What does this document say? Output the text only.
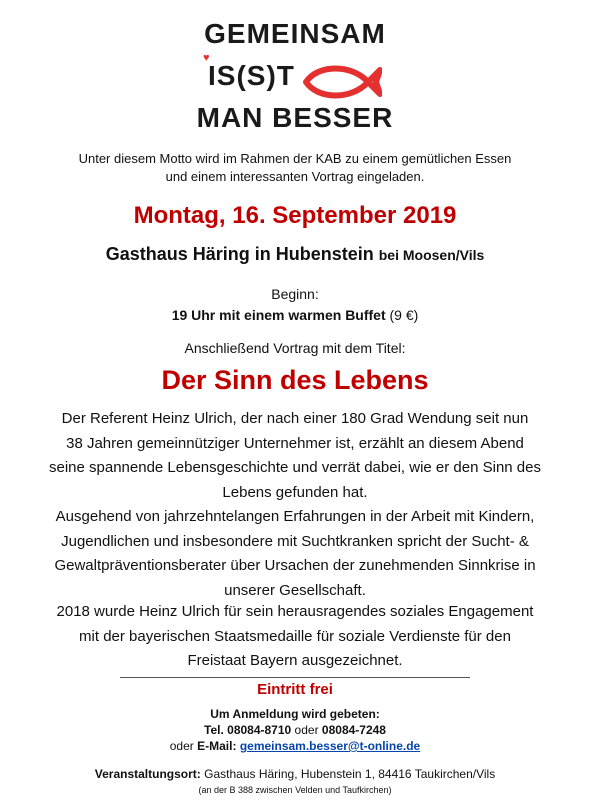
GEMEINSAM
♥
IS(S)T
MAN BESSER
Unter diesem Motto wird im Rahmen der KAB zu einem gemütlichen Essen
und einem interessanten Vortrag eingeladen.
Montag, 16. September 2019
Gasthaus Häring in Hubenstein bei Moosen/Vils
Beginn:
19 Uhr mit einem warmen Buffet (9 €)
Anschließend Vortrag mit dem Titel:
Der Sinn des Lebens
Der Referent Heinz Ulrich, der nach einer 180 Grad Wendung seit nun
38 Jahren gemeinnütziger Unternehmer ist, erzählt an diesem Abend
seine spannende Lebensgeschichte und verrät dabei, wie er den Sinn des
Lebens gefunden hat.
Ausgehend von jahrzehntelangen Erfahrungen in der Arbeit mit Kindern,
Jugendlichen und insbesondere mit Suchtkranken spricht der Sucht- &
Gewaltpräventionsberater über Ursachen der zunehmenden Sinnkrise in
unserer Gesellschaft.
2018 wurde Heinz Ulrich für sein herausragendes soziales Engagement
mit der bayerischen Staatsmedaille für soziale Verdienste für den
Freistaat Bayern ausgezeichnet.
Eintritt frei
Um Anmeldung wird gebeten:
Tel. 08084-8710 oder 08084-7248
oder E-Mail: gemeinsam.besser@t-online.de
Veranstaltungsort: Gasthaus Häring, Hubenstein 1, 84416 Taukirchen/Vils
(an der B 388 zwischen Velden und Taufkirchen)
